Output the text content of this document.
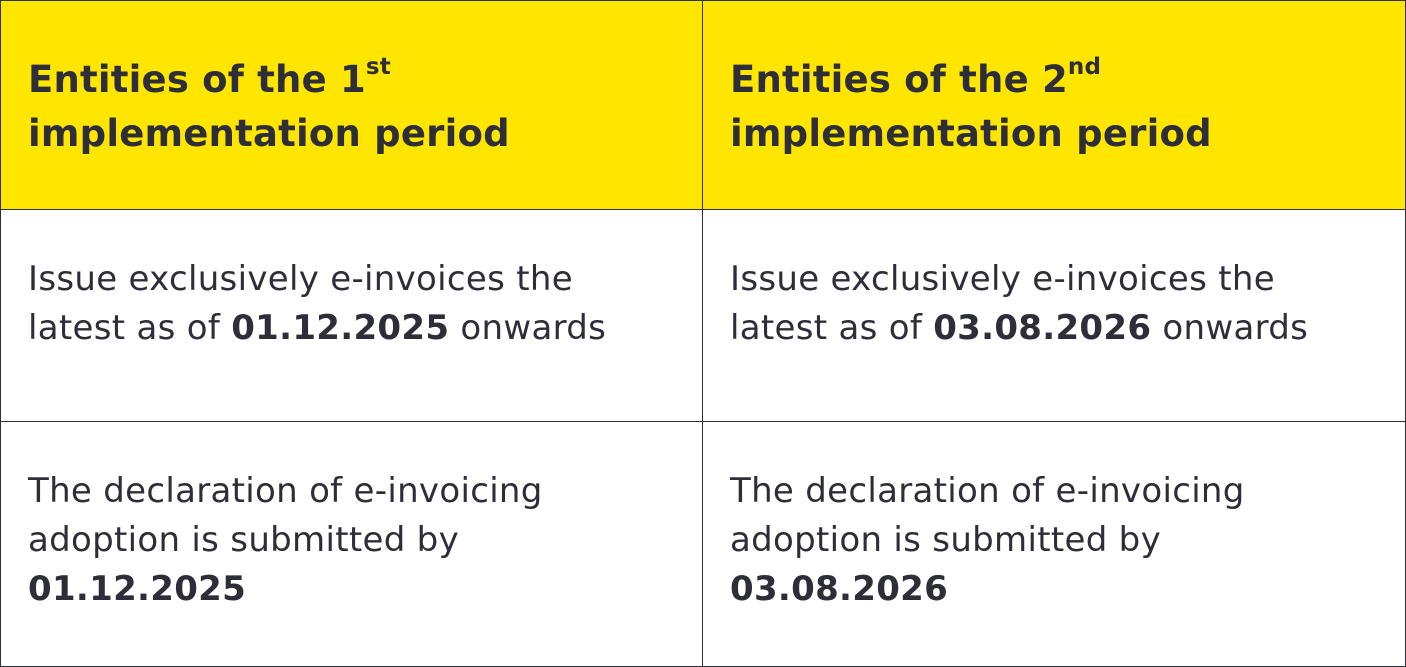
Entities of the 1st
implementation period
Entities of the 2nd
implementation period
Issue exclusively e-invoices the
latest as of 01.12.2025 onwards
Issue exclusively e-invoices the
latest as of 03.08.2026 onwards
The declaration of e-invoicing
adoption is submitted by
01.12.2025
The declaration of e-invoicing
adoption is submitted by
03.08.2026
